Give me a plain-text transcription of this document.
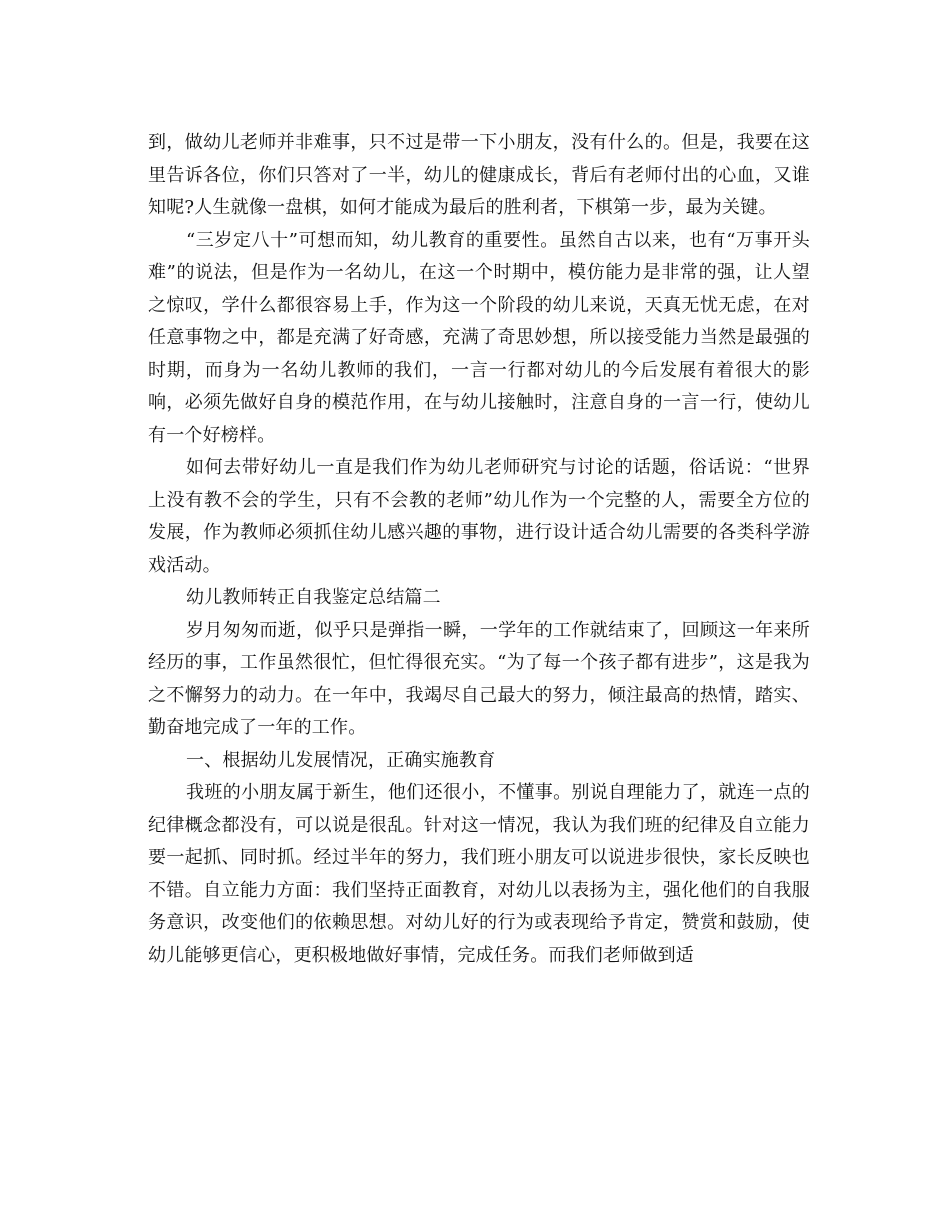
到，做幼儿老师并非难事，只不过是带一下小朋友，没有什么的。但是，我要在这里告诉各位，你们只答对了一半，幼儿的健康成长，背后有老师付出的心血，又谁知呢?人生就像一盘棋，如何才能成为最后的胜利者，下棋第一步，最为关键。

“三岁定八十”可想而知，幼儿教育的重要性。虽然自古以来，也有“万事开头难”的说法，但是作为一名幼儿，在这一个时期中，模仿能力是非常的强，让人望之惊叹，学什么都很容易上手，作为这一个阶段的幼儿来说，天真无忧无虑，在对任意事物之中，都是充满了好奇感，充满了奇思妙想，所以接受能力当然是最强的时期，而身为一名幼儿教师的我们，一言一行都对幼儿的今后发展有着很大的影响，必须先做好自身的模范作用，在与幼儿接触时，注意自身的一言一行，使幼儿有一个好榜样。

如何去带好幼儿一直是我们作为幼儿老师研究与讨论的话题，俗话说：“世界上没有教不会的学生，只有不会教的老师”幼儿作为一个完整的人，需要全方位的发展，作为教师必须抓住幼儿感兴趣的事物，进行设计适合幼儿需要的各类科学游戏活动。

幼儿教师转正自我鉴定总结篇二

岁月匆匆而逝，似乎只是弹指一瞬，一学年的工作就结束了，回顾这一年来所经历的事，工作虽然很忙，但忙得很充实。“为了每一个孩子都有进步”，这是我为之不懈努力的动力。在一年中，我竭尽自己最大的努力，倾注最高的热情，踏实、勤奋地完成了一年的工作。

一、根据幼儿发展情况，正确实施教育

我班的小朋友属于新生，他们还很小，不懂事。别说自理能力了，就连一点的纪律概念都没有，可以说是很乱。针对这一情况，我认为我们班的纪律及自立能力要一起抓、同时抓。经过半年的努力，我们班小朋友可以说进步很快，家长反映也不错。自立能力方面：我们坚持正面教育，对幼儿以表扬为主，强化他们的自我服务意识，改变他们的依赖思想。对幼儿好的行为或表现给予肯定，赞赏和鼓励，使幼儿能够更信心，更积极地做好事情，完成任务。而我们老师做到适
